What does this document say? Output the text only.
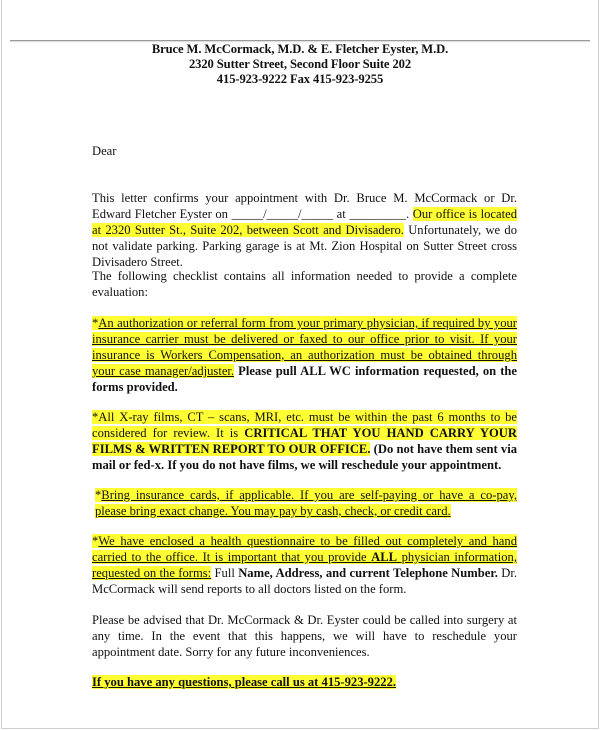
Bruce M. McCormack, M.D. & E. Fletcher Eyster, M.D.
2320 Sutter Street, Second Floor Suite 202
415-923-9222 Fax 415-923-9255
Dear

This letter confirms your appointment with Dr. Bruce M. McCormack or Dr. Edward Fletcher Eyster on _____/_____/_____ at _________. Our office is located at 2320 Sutter St., Suite 202, between Scott and Divisadero. Unfortunately, we do not validate parking. Parking garage is at Mt. Zion Hospital on Sutter Street cross Divisadero Street.

The following checklist contains all information needed to provide a complete evaluation:

*An authorization or referral form from your primary physician, if required by your insurance carrier must be delivered or faxed to our office prior to visit. If your insurance is Workers Compensation, an authorization must be obtained through your case manager/adjuster. Please pull ALL WC information requested, on the forms provided.

*All X-ray films, CT – scans, MRI, etc. must be within the past 6 months to be considered for review. It is CRITICAL THAT YOU HAND CARRY YOUR FILMS & WRITTEN REPORT TO OUR OFFICE. (Do not have them sent via mail or fed-x. If you do not have films, we will reschedule your appointment.

*Bring insurance cards, if applicable. If you are self-paying or have a co-pay, please bring exact change. You may pay by cash, check, or credit card.

*We have enclosed a health questionnaire to be filled out completely and hand carried to the office. It is important that you provide ALL physician information, requested on the forms: Full Name, Address, and current Telephone Number. Dr. McCormack will send reports to all doctors listed on the form.

Please be advised that Dr. McCormack & Dr. Eyster could be called into surgery at any time. In the event that this happens, we will have to reschedule your appointment date. Sorry for any future inconveniences.

If you have any questions, please call us at 415-923-9222.
